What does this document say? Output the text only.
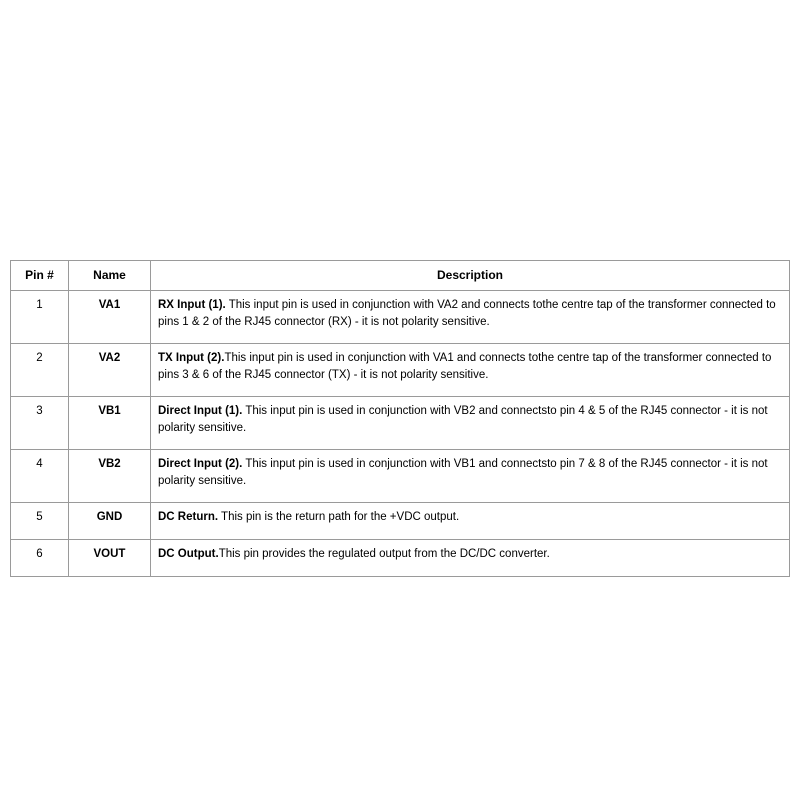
Pin #	Name	Description
1	VA1	RX Input (1). This input pin is used in conjunction with VA2 and connects tothe centre tap of the transformer connected to pins 1 & 2 of the RJ45 connector (RX) - it is not polarity sensitive.
2	VA2	TX Input (2).This input pin is used in conjunction with VA1 and connects tothe centre tap of the transformer connected to pins 3 & 6 of the RJ45 connector (TX) - it is not polarity sensitive.
3	VB1	Direct Input (1). This input pin is used in conjunction with VB2 and connectsto pin 4 & 5 of the RJ45 connector - it is not polarity sensitive.
4	VB2	Direct Input (2). This input pin is used in conjunction with VB1 and connectsto pin 7 & 8 of the RJ45 connector - it is not polarity sensitive.
5	GND	DC Return. This pin is the return path for the +VDC output.
6	VOUT	DC Output.This pin provides the regulated output from the DC/DC converter.
